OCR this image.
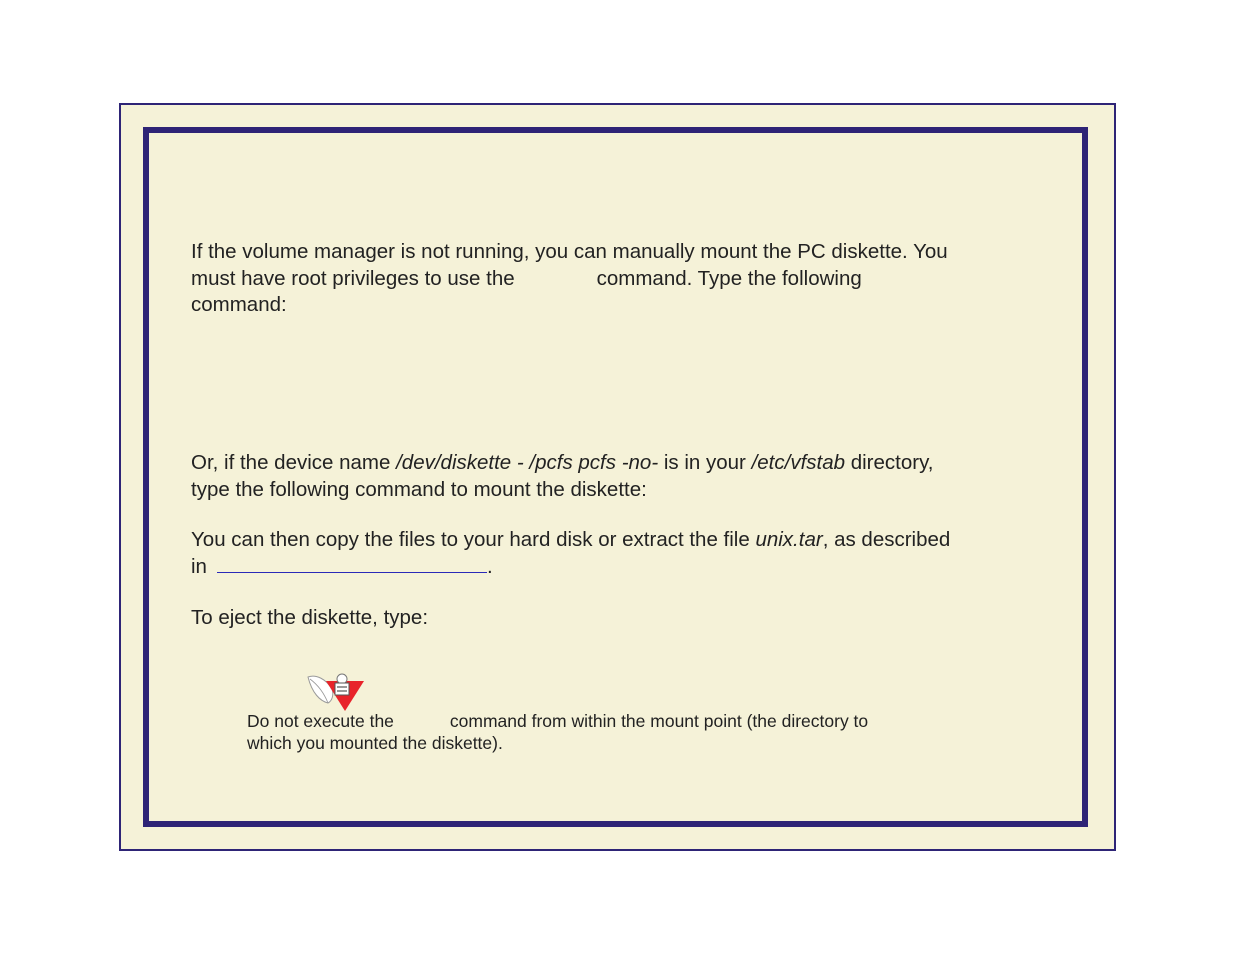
If the volume manager is not running, you can manually mount the PC diskette. You
must have root privileges to use the	command. Type the following
command:
Or, if the device name /dev/diskette - /pcfs pcfs -no- is in your /etc/vfstab directory,
type the following command to mount the diskette:
You can then copy the files to your hard disk or extract the file unix.tar, as described
in	.
To eject the diskette, type:
Do not execute the	command from within the mount point (the directory to
which you mounted the diskette).
